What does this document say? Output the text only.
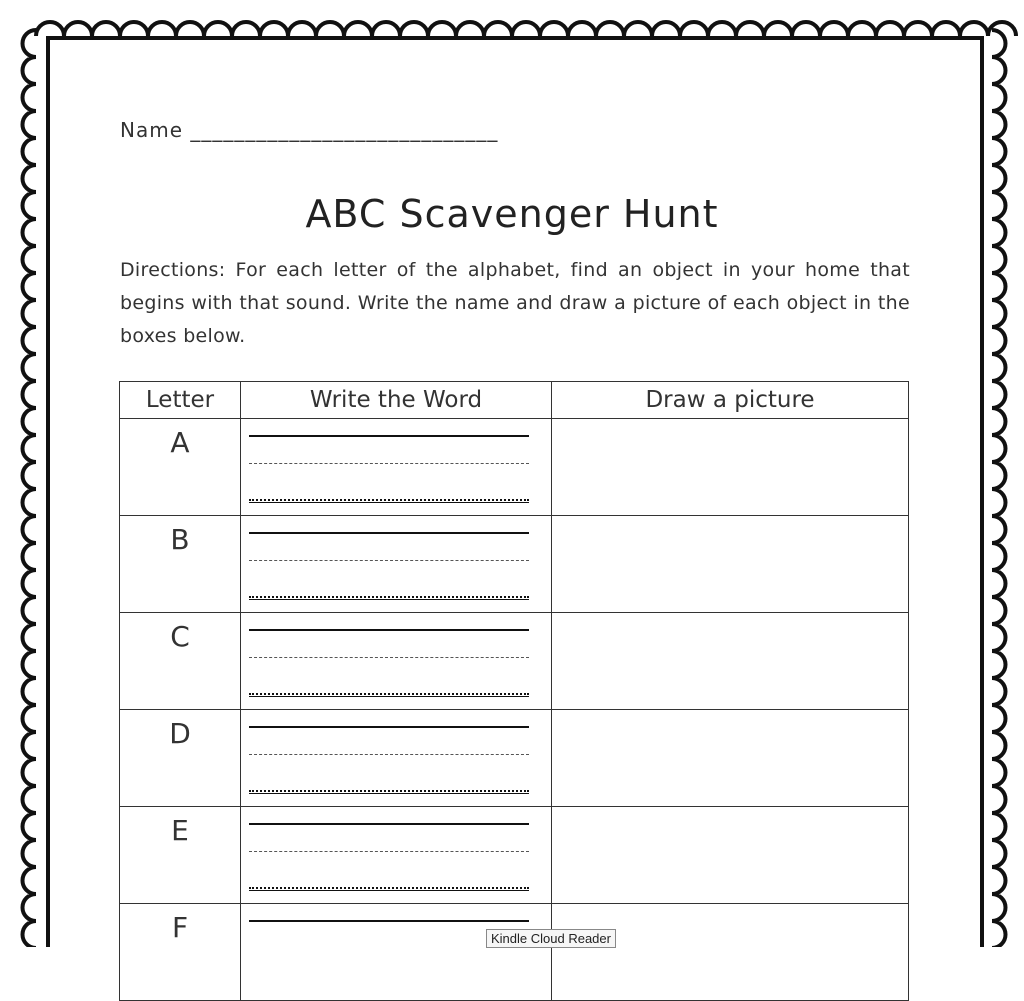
Name ____________________________
ABC Scavenger Hunt

Directions: For each letter of the alphabet, find an object in your home that begins with that sound. Write the name and draw a picture of each object in the boxes below.

Letter	Write the Word	Draw a picture

A		

B		

C		

D		

E		

F		

		Kindle Cloud Reader
